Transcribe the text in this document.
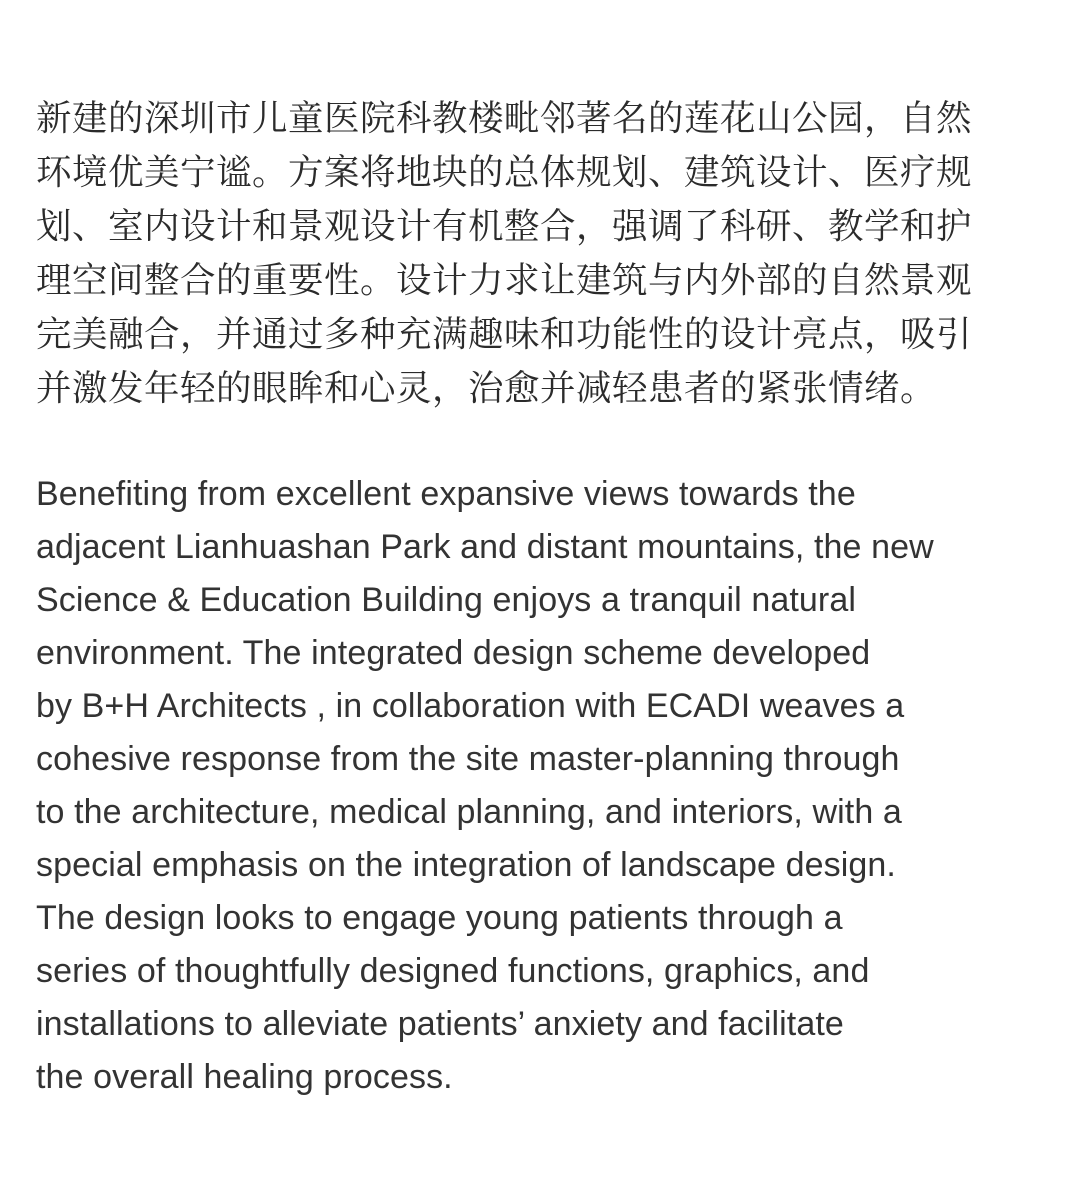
新建的深圳市儿童医院科教楼毗邻著名的莲花山公园，自然
环境优美宁谧。方案将地块的总体规划、建筑设计、医疗规
划、室内设计和景观设计有机整合，强调了科研、教学和护
理空间整合的重要性。设计力求让建筑与内外部的自然景观
完美融合，并通过多种充满趣味和功能性的设计亮点，吸引
并激发年轻的眼眸和心灵，治愈并减轻患者的紧张情绪。

Benefiting from excellent expansive views towards the
adjacent Lianhuashan Park and distant mountains, the new
Science & Education Building enjoys a tranquil natural
environment. The integrated design scheme developed
by B+H Architects , in collaboration with ECADI weaves a
cohesive response from the site master-planning through
to the architecture, medical planning, and interiors, with a
special emphasis on the integration of landscape design.
The design looks to engage young patients through a
series of thoughtfully designed functions, graphics, and
installations to alleviate patients’ anxiety and facilitate
the overall healing process.
